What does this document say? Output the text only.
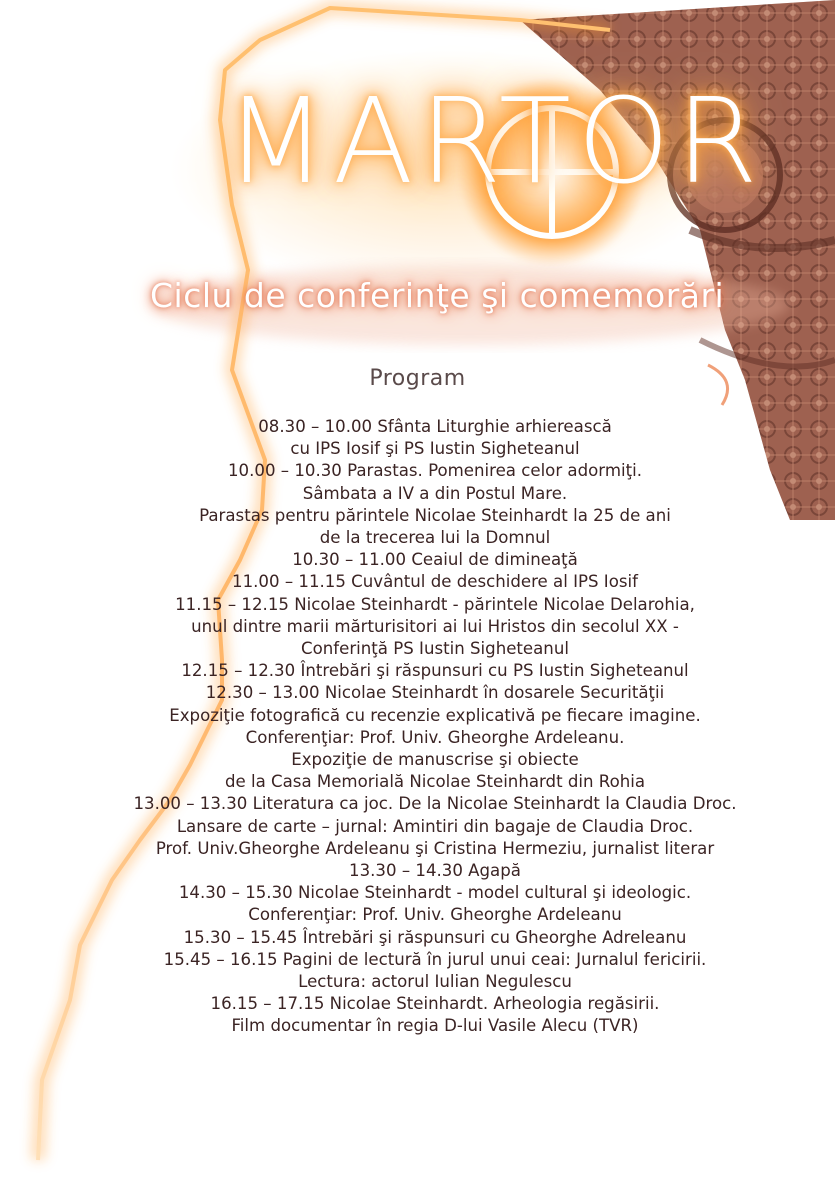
MARTOR
Ciclu de conferinţe şi comemorări
Program
08.30 – 10.00 Sfânta Liturghie arhierească
cu IPS Iosif şi PS Iustin Sigheteanul
10.00 – 10.30 Parastas. Pomenirea celor adormiţi.
Sâmbata a IV a din Postul Mare.
Parastas pentru părintele Nicolae Steinhardt la 25 de ani
de la trecerea lui la Domnul
10.30 – 11.00 Ceaiul de dimineaţă
11.00 – 11.15 Cuvântul de deschidere al IPS Iosif
11.15 – 12.15 Nicolae Steinhardt - părintele Nicolae Delarohia,
unul dintre marii mărturisitori ai lui Hristos din secolul XX -
Conferinţă PS Iustin Sigheteanul
12.15 – 12.30 Întrebări şi răspunsuri cu PS Iustin Sigheteanul
12.30 – 13.00 Nicolae Steinhardt în dosarele Securităţii
Expoziţie fotografică cu recenzie explicativă pe fiecare imagine.
Conferenţiar: Prof. Univ. Gheorghe Ardeleanu.
Expoziţie de manuscrise şi obiecte
de la Casa Memorială Nicolae Steinhardt din Rohia
13.00 – 13.30 Literatura ca joc. De la Nicolae Steinhardt la Claudia Droc.
Lansare de carte – jurnal: Amintiri din bagaje de Claudia Droc.
Prof. Univ.Gheorghe Ardeleanu şi Cristina Hermeziu, jurnalist literar
13.30 – 14.30 Agapă
14.30 – 15.30 Nicolae Steinhardt - model cultural şi ideologic.
Conferenţiar: Prof. Univ. Gheorghe Ardeleanu
15.30 – 15.45 Întrebări şi răspunsuri cu Gheorghe Adreleanu
15.45 – 16.15 Pagini de lectură în jurul unui ceai: Jurnalul fericirii.
Lectura: actorul Iulian Negulescu
16.15 – 17.15 Nicolae Steinhardt. Arheologia regăsirii.
Film documentar în regia D-lui Vasile Alecu (TVR)
